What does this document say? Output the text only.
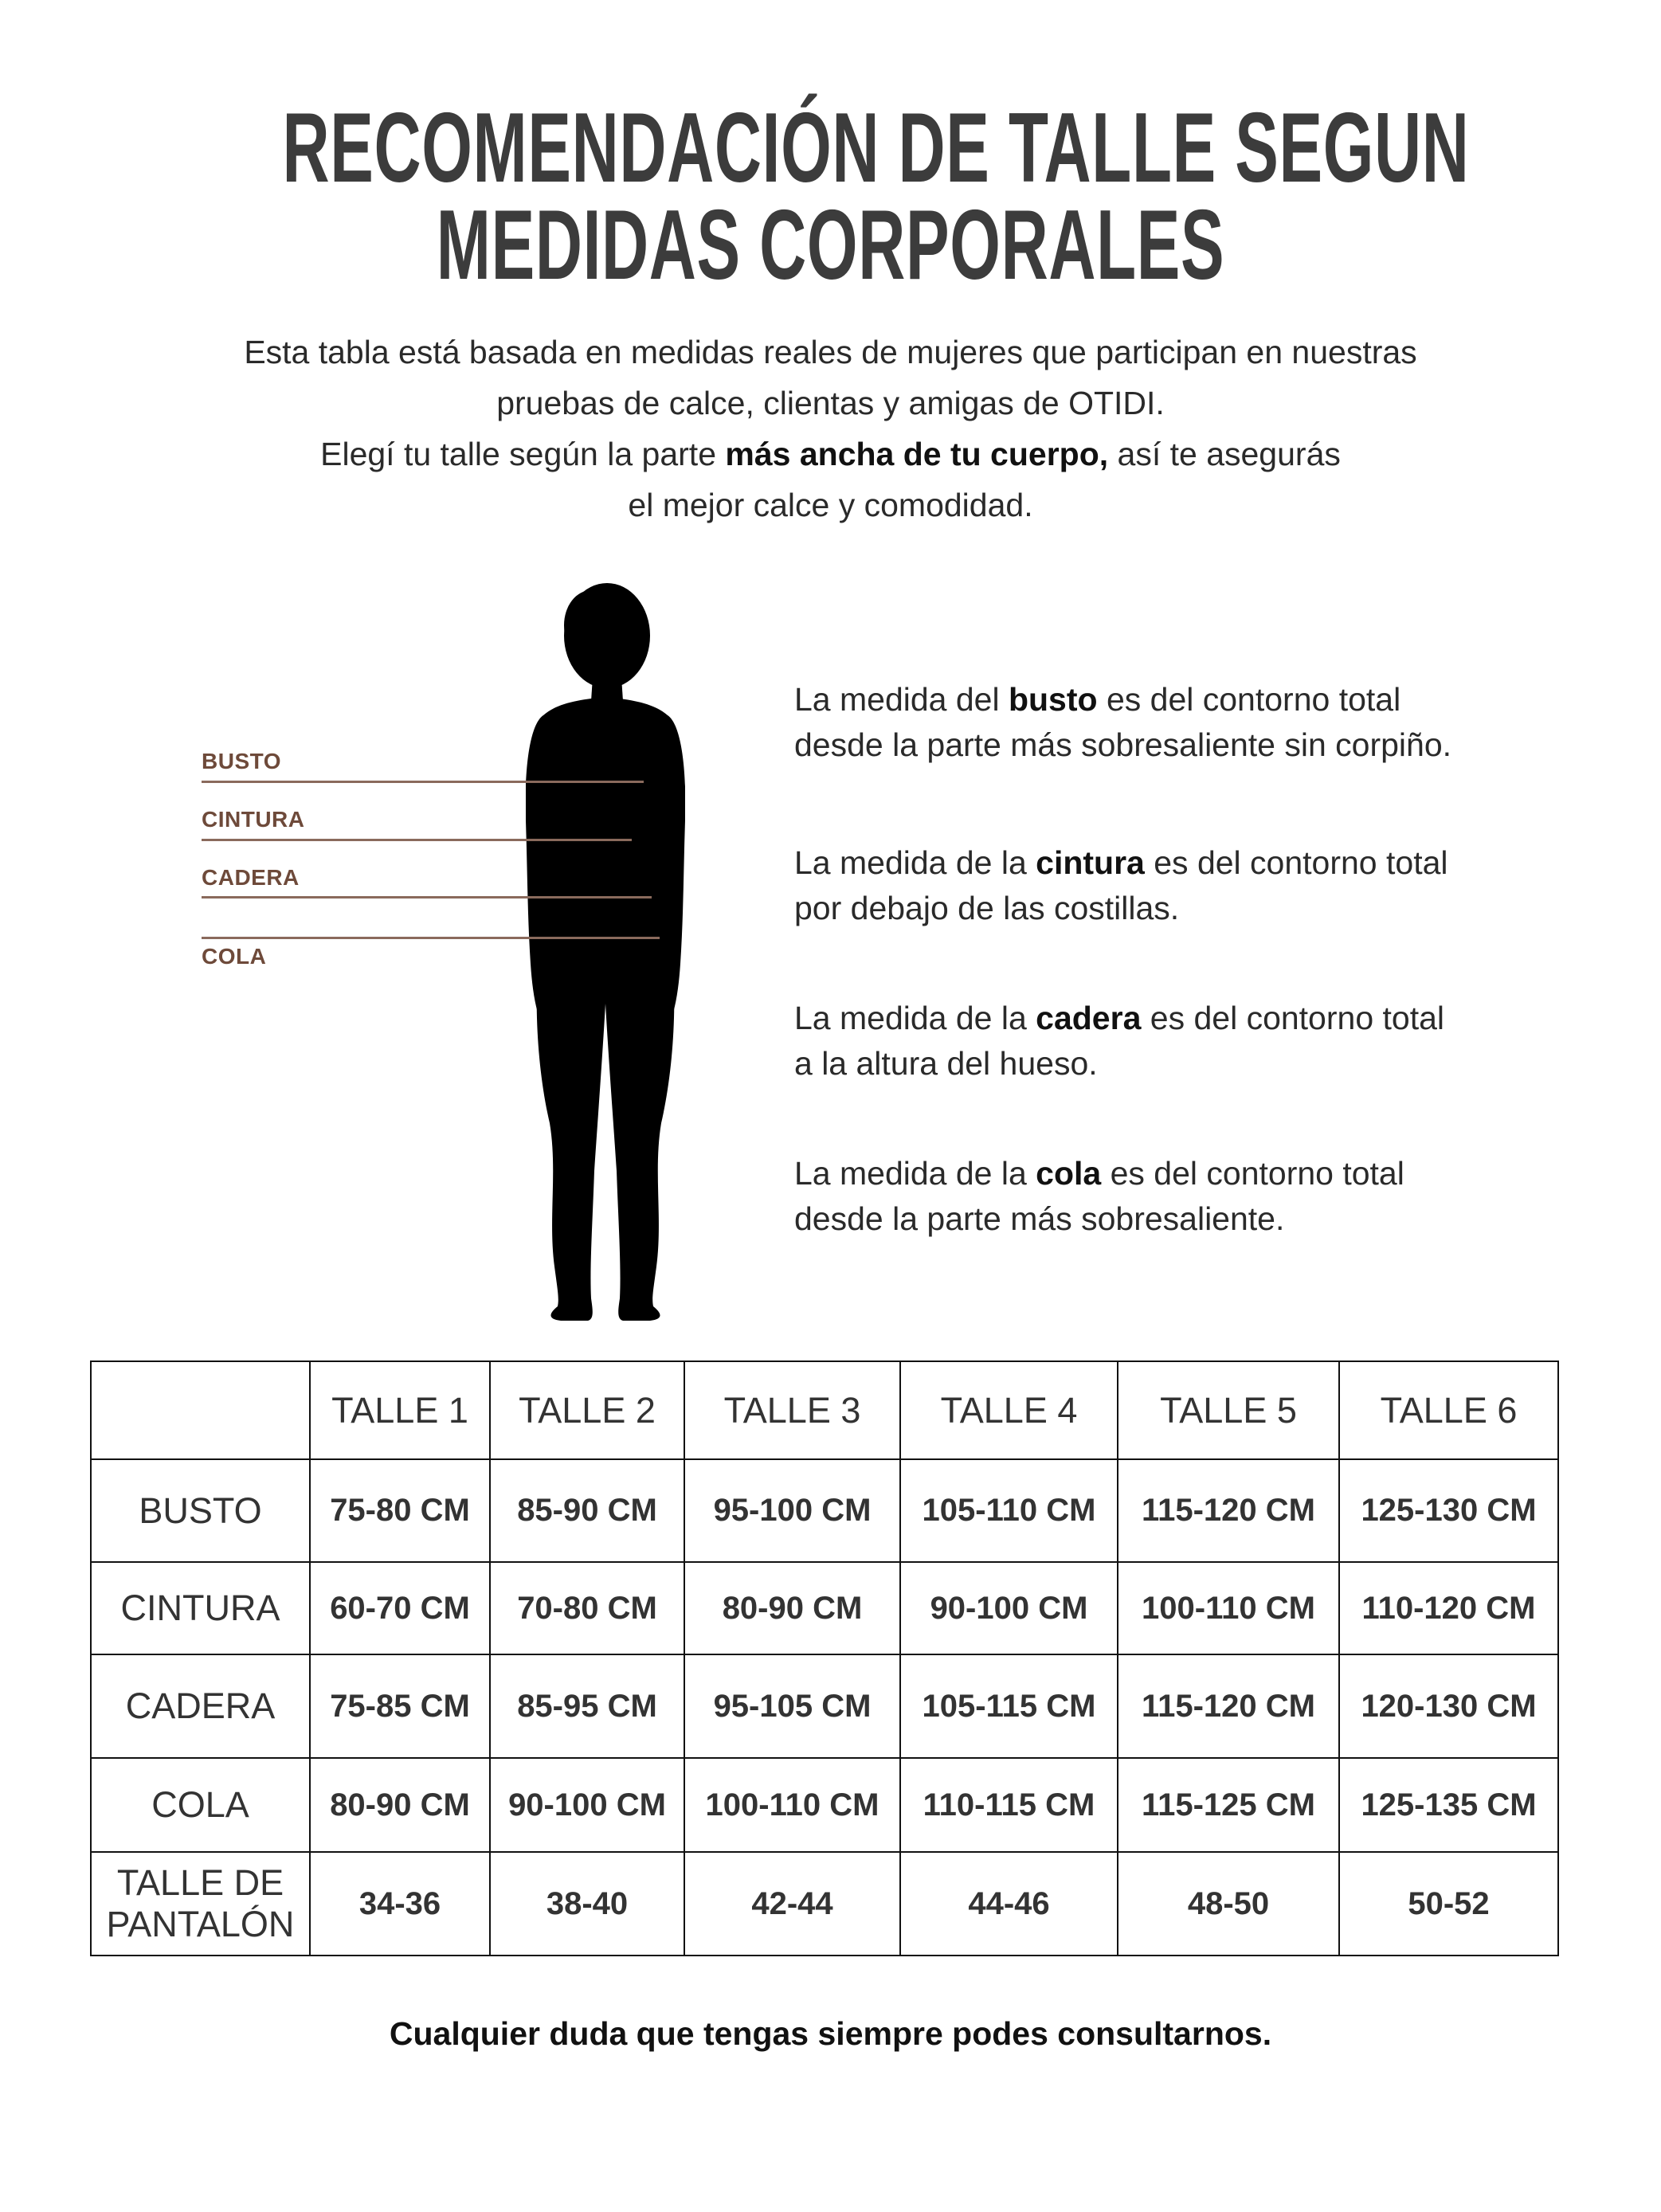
RECOMENDACIÓN DE TALLE SEGUN
MEDIDAS CORPORALES
Esta tabla está basada en medidas reales de mujeres que participan en nuestras
pruebas de calce, clientas y amigas de OTIDI.
Elegí tu talle según la parte más ancha de tu cuerpo, así te asegurás
el mejor calce y comodidad.
BUSTO
CINTURA
CADERA
COLA
La medida del busto es del contorno total
desde la parte más sobresaliente sin corpiño.
La medida de la cintura es del contorno total
por debajo de las costillas.
La medida de la cadera es del contorno total
a la altura del hueso.
La medida de la cola es del contorno total
desde la parte más sobresaliente.
	TALLE 1	TALLE 2	TALLE 3	TALLE 4	TALLE 5	TALLE 6
BUSTO	75-80 CM	85-90 CM	95-100 CM	105-110 CM	115-120 CM	125-130 CM
CINTURA	60-70 CM	70-80 CM	80-90 CM	90-100 CM	100-110 CM	110-120 CM
CADERA	75-85 CM	85-95 CM	95-105 CM	105-115 CM	115-120 CM	120-130 CM
COLA	80-90 CM	90-100 CM	100-110 CM	110-115 CM	115-125 CM	125-135 CM

TALLE DE
PANTALÓN	34-36	38-40	42-44	44-46	48-50	50-52
Cualquier duda que tengas siempre podes consultarnos.
